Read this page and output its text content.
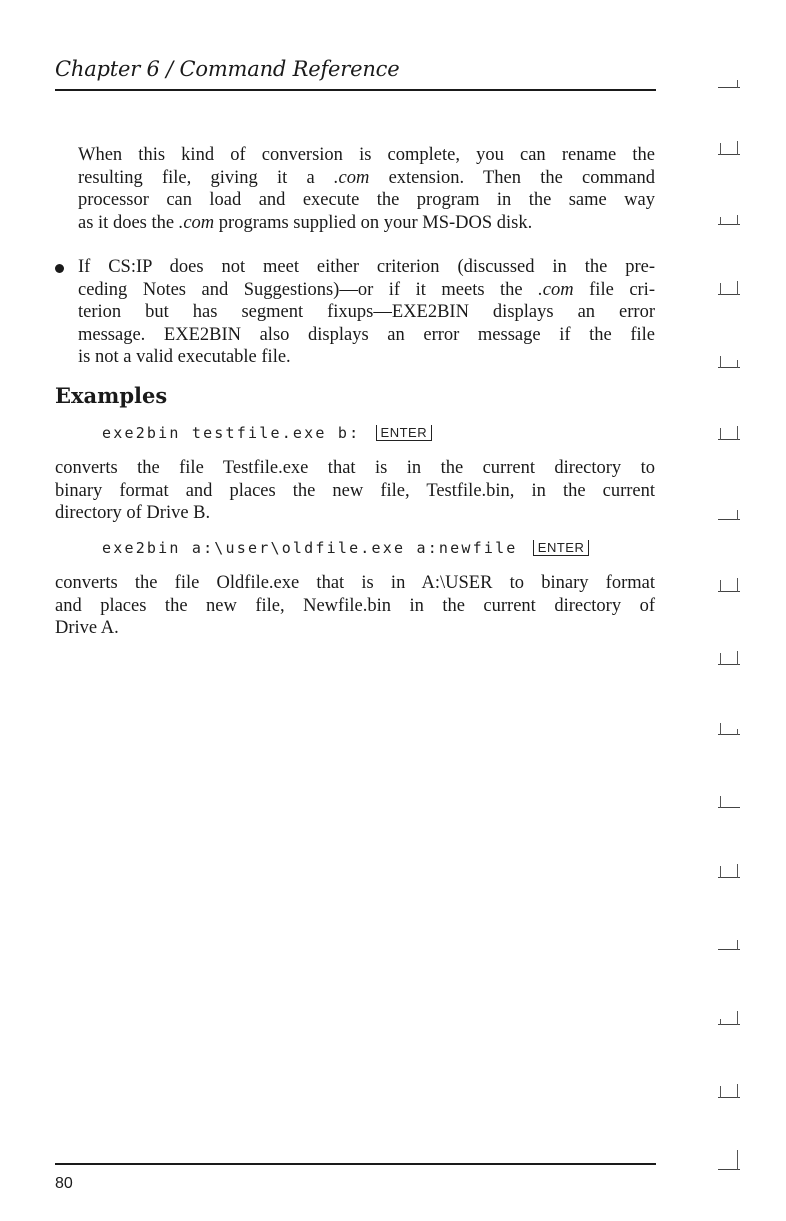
Chapter 6 / Command Reference
When this kind of conversion is complete, you can rename the
resulting file, giving it a .com extension. Then the command
processor can load and execute the program in the same way
as it does the .com programs supplied on your MS-DOS disk.
If CS:IP does not meet either criterion (discussed in the pre-
ceding Notes and Suggestions)—or if it meets the .com file cri-
terion but has segment fixups—EXE2BIN displays an error
message. EXE2BIN also displays an error message if the file
is not a valid executable file.
Examples
exe2bin testfile.exe b: ENTER
converts the file Testfile.exe that is in the current directory to
binary format and places the new file, Testfile.bin, in the current
directory of Drive B.
exe2bin a:\user\oldfile.exe a:newfile ENTER
converts the file Oldfile.exe that is in A:\USER to binary format
and places the new file, Newfile.bin in the current directory of
Drive A.
80
